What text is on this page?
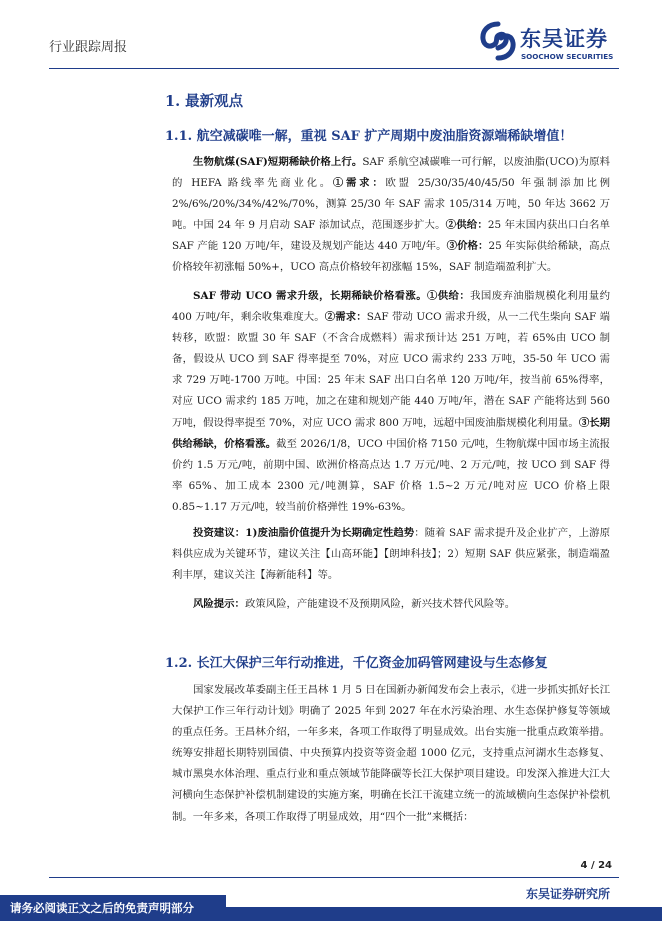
行业跟踪周报	东吴证券
SOOCHOW SECURITIES
1. 最新观点
1.1. 航空减碳唯一解，重视 SAF 扩产周期中废油脂资源端稀缺增值！
生物航煤(SAF)短期稀缺价格上行。SAF 系航空减碳唯一可行解，以废油脂(UCO)为原料的 HEFA 路线率先商业化。①需求：欧盟 25/30/35/40/45/50 年强制添加比例 2%/6%/20%/34%/42%/70%，测算 25/30 年 SAF 需求 105/314 万吨，50 年达 3662 万吨。中国 24 年 9 月启动 SAF 添加试点，范围逐步扩大。②供给：25 年末国内获出口白名单 SAF 产能 120 万吨/年，建设及规划产能达 440 万吨/年。③价格：25 年实际供给稀缺，高点价格较年初涨幅 50%+，UCO 高点价格较年初涨幅 15%，SAF 制造端盈利扩大。
SAF 带动 UCO 需求升级，长期稀缺价格看涨。①供给：我国废弃油脂规模化利用量约 400 万吨/年，剩余收集难度大。②需求：SAF 带动 UCO 需求升级，从一二代生柴向 SAF 端转移，欧盟：欧盟 30 年 SAF（不含合成燃料）需求预计达 251 万吨，若 65%由 UCO 制备，假设从 UCO 到 SAF 得率提至 70%，对应 UCO 需求约 233 万吨，35-50 年 UCO 需求 729 万吨-1700 万吨。中国：25 年末 SAF 出口白名单 120 万吨/年，按当前 65%得率，对应 UCO 需求约 185 万吨，加之在建和规划产能 440 万吨/年，潜在 SAF 产能将达到 560 万吨，假设得率提至 70%，对应 UCO 需求 800 万吨，远超中国废油脂规模化利用量。③长期供给稀缺，价格看涨。截至 2026/1/8，UCO 中国价格 7150 元/吨，生物航煤中国市场主流报价约 1.5 万元/吨，前期中国、欧洲价格高点达 1.7 万元/吨、2 万元/吨，按 UCO 到 SAF 得率 65%、加工成本 2300 元/吨测算，SAF 价格 1.5~2 万元/吨对应 UCO 价格上限 0.85~1.17 万元/吨，较当前价格弹性 19%-63%。
投资建议：1)废油脂价值提升为长期确定性趋势：随着 SAF 需求提升及企业扩产，上游原料供应成为关键环节，建议关注【山高环能】【朗坤科技】；2）短期 SAF 供应紧张，制造端盈利丰厚，建议关注【海新能科】等。
风险提示：政策风险，产能建设不及预期风险，新兴技术替代风险等。
1.2. 长江大保护三年行动推进，千亿资金加码管网建设与生态修复
国家发展改革委副主任王昌林 1 月 5 日在国新办新闻发布会上表示，《进一步抓实抓好长江大保护工作三年行动计划》明确了 2025 年到 2027 年在水污染治理、水生态保护修复等领域的重点任务。王昌林介绍，一年多来，各项工作取得了明显成效。出台实施一批重点政策举措。统筹安排超长期特别国债、中央预算内投资等资金超 1000 亿元，支持重点河湖水生态修复、城市黑臭水体治理、重点行业和重点领域节能降碳等长江大保护项目建设。印发深入推进大江大河横向生态保护补偿机制建设的实施方案，明确在长江干流建立统一的流域横向生态保护补偿机制。一年多来，各项工作取得了明显成效，用“四个一批”来概括：
4 / 24
东吴证券研究所
请务必阅读正文之后的免责声明部分
